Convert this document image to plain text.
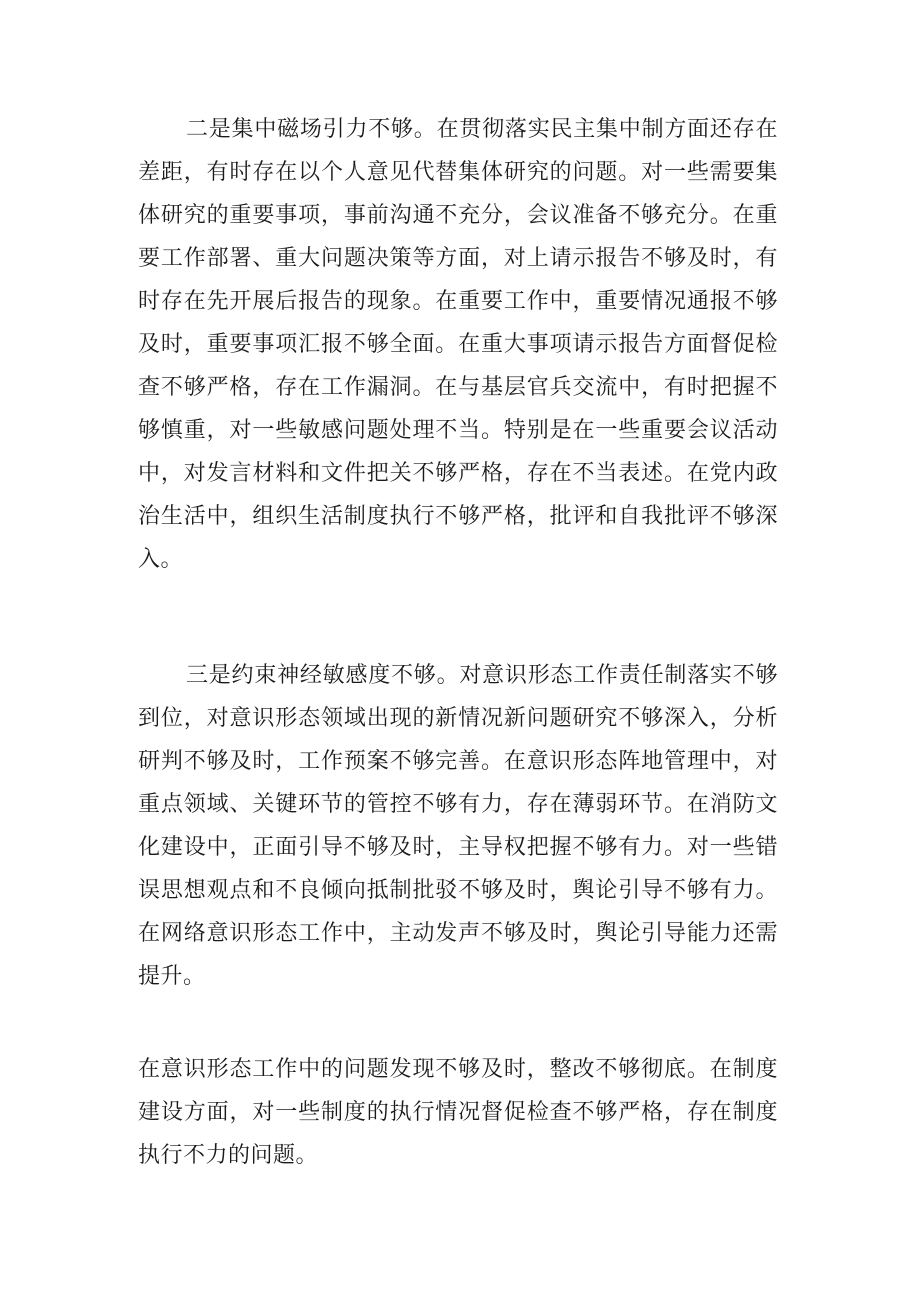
二是集中磁场引力不够。在贯彻落实民主集中制方面还存在差距，有时存在以个人意见代替集体研究的问题。对一些需要集体研究的重要事项，事前沟通不充分，会议准备不够充分。在重要工作部署、重大问题决策等方面，对上请示报告不够及时，有时存在先开展后报告的现象。在重要工作中，重要情况通报不够及时，重要事项汇报不够全面。在重大事项请示报告方面督促检查不够严格，存在工作漏洞。在与基层官兵交流中，有时把握不够慎重，对一些敏感问题处理不当。特别是在一些重要会议活动中，对发言材料和文件把关不够严格，存在不当表述。在党内政治生活中，组织生活制度执行不够严格，批评和自我批评不够深入。

三是约束神经敏感度不够。对意识形态工作责任制落实不够到位，对意识形态领域出现的新情况新问题研究不够深入，分析研判不够及时，工作预案不够完善。在意识形态阵地管理中，对重点领域、关键环节的管控不够有力，存在薄弱环节。在消防文化建设中，正面引导不够及时，主导权把握不够有力。对一些错误思想观点和不良倾向抵制批驳不够及时，舆论引导不够有力。在网络意识形态工作中，主动发声不够及时，舆论引导能力还需提升。

在意识形态工作中的问题发现不够及时，整改不够彻底。在制度建设方面，对一些制度的执行情况督促检查不够严格，存在制度执行不力的问题。
